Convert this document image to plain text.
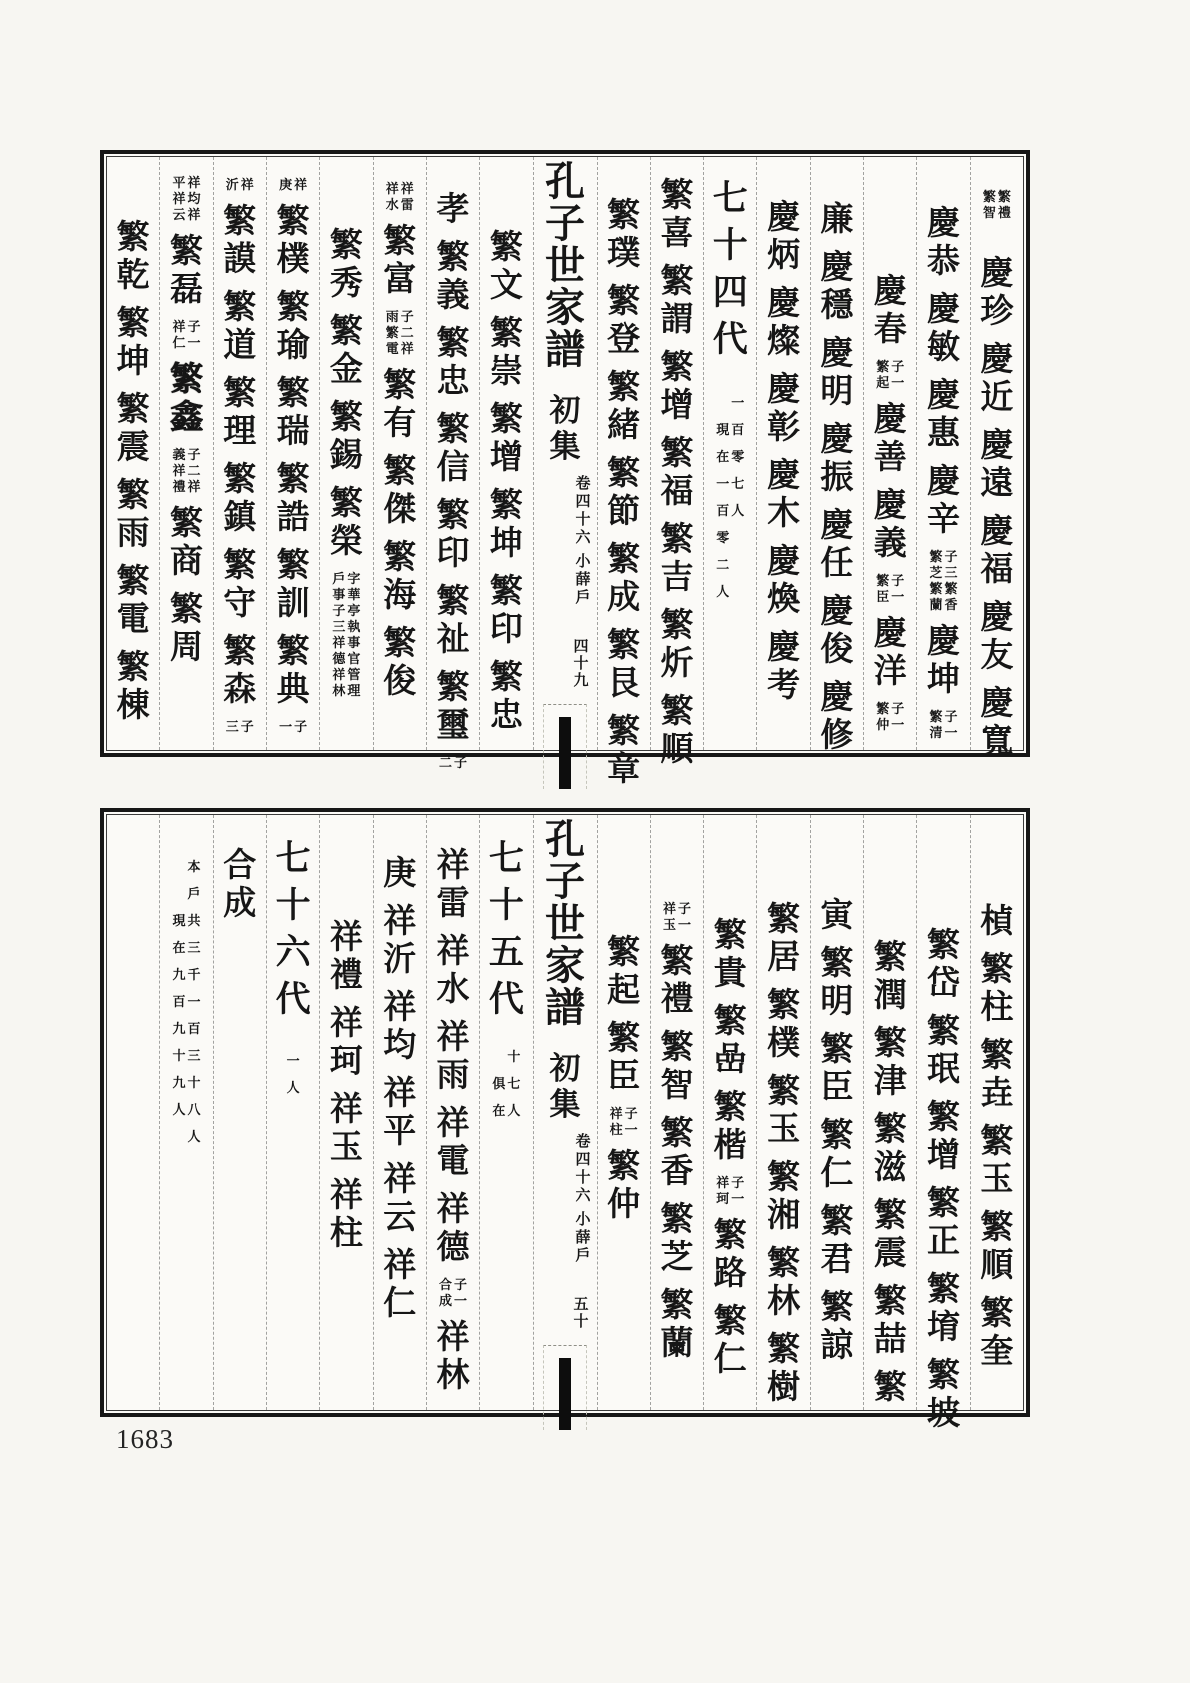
繁
乾
繁
坤
繁
震
繁
雨
繁
電
繁
棟
祥
均
祥
平
祥
云
繁
磊
子
一
祥
仁
繁
鑫
子
二
祥
義
祥
禮
繁
商
繁
周
祥
沂
繁
謨
繁
道
繁
理
繁
鎮
繁
守
繁
森
子
三
祥
庚
繁
樸
繁
瑜
繁
瑞
繁
誥
繁
訓
繁
典
子
一
繁
秀
繁
金
繁
錫
繁
榮
字
華
亭
執
事
官
管
理
戶
事
子
三
祥
德
祥
林
祥
雷
祥
水
繁
富
子
二
祥
雨
繁
電
繁
有
繁
傑
繁
海
繁
俊
孝
繁
義
繁
忠
繁
信
繁
印
繁
祉
繁
璽
子
二
繁
文
繁
崇
繁
增
繁
坤
繁
印
繁
忠
孔
子
世
家
譜
初
集
卷
四
十
六
小
薛
戶
四
十
九
繁
璞
繁
登
繁
緒
繁
節
繁
成
繁
艮
繁
章
繁
喜
繁
謂
繁
增
繁
福
繁
吉
繁
炘
繁
順
七
十
四
代
一
百
零
七
人

現
在
一
百
零
二
人
慶
炳
慶
燦
慶
彰
慶
木
慶
煥
慶
考
廉
慶
穩
慶
明
慶
振
慶
任
慶
俊
慶
修
慶
春
子
一
繁
起
慶
善
慶
義
子
一
繁
臣
慶
洋
子
一
繁
仲
慶
恭
慶
敏
慶
惠
慶
辛
子
三
繁
香
繁
芝
繁
蘭
慶
坤
子
一
繁
清
繁
禮
繁
智
慶
珍
慶
近
慶
遠
慶
福
慶
友
慶
寬
本
戶
共
三
千
一
百
三
十
八
人

現
在
九
百
九
十
九
人
合
成
七
十
六
代
一
人
祥
禮
祥
珂
祥
玉
祥
柱
庚
祥
沂
祥
均
祥
平
祥
云
祥
仁
祥
雷
祥
水
祥
雨
祥
電
祥
德
子
一
合
成
祥
林
七
十
五
代
十
七
人

俱
在
孔
子
世
家
譜
初
集
卷
四
十
六
小
薛
戶
五
十
繁
起
繁
臣
子
一
祥
柱
繁
仲
子
一
祥
玉
繁
禮
繁
智
繁
香
繁
芝
繁
蘭
繁
貴
繁
嵒
繁
楷
子
一
祥
珂
繁
路
繁
仁
繁
居
繁
樸
繁
玉
繁
湘
繁
林
繁
樹
寅
繁
明
繁
臣
繁
仁
繁
君
繁
諒
繁
潤
繁
津
繁
滋
繁
震
繁
喆
繁
繁
岱
繁
珉
繁
增
繁
正
繁
堉
繁
坡
楨
繁
柱
繁
垚
繁
玉
繁
順
繁
奎
1683
